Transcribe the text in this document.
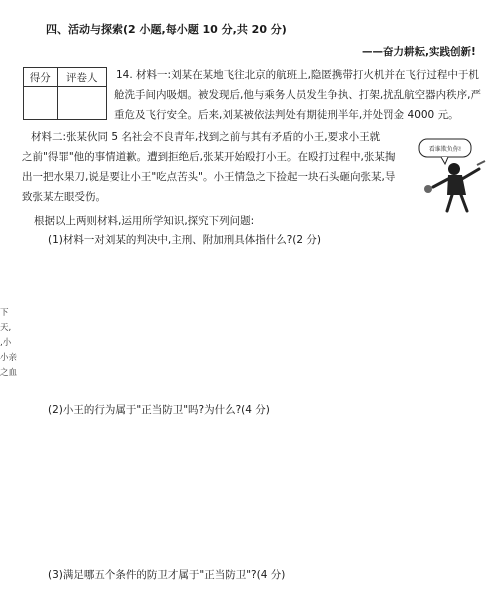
四、活动与探索(2 小题,每小题 10 分,共 20 分)
——奋力耕耘,实践创新!
得分	评卷人
	14. 材料一:刘某在某地飞往北京的航班上,隐匿携带打火机并在飞行过程中于机
舱洗手间内吸烟。被发现后,他与乘务人员发生争执、打架,扰乱航空器内秩序,严
重危及飞行安全。后来,刘某被依法判处有期徒刑半年,并处罚金 4000 元。
材料二:张某伙同 5 名社会不良青年,找到之前与其有矛盾的小王,要求小王就
之前"得罪"他的事情道歉。遭到拒绝后,张某开始殴打小王。在殴打过程中,张某掏
出一把水果刀,说是要让小王"吃点苦头"。小王情急之下捡起一块石头砸向张某,导
致张某左眼受伤。
根据以上两则材料,运用所学知识,探究下列问题:
(1)材料一对刘某的判决中,主刑、附加刑具体指什么?(2 分)
(2)小王的行为属于"正当防卫"吗?为什么?(4 分)
(3)满足哪五个条件的防卫才属于"正当防卫"?(4 分)
下天,
,小
小亲
之血
看谁欺负你!
